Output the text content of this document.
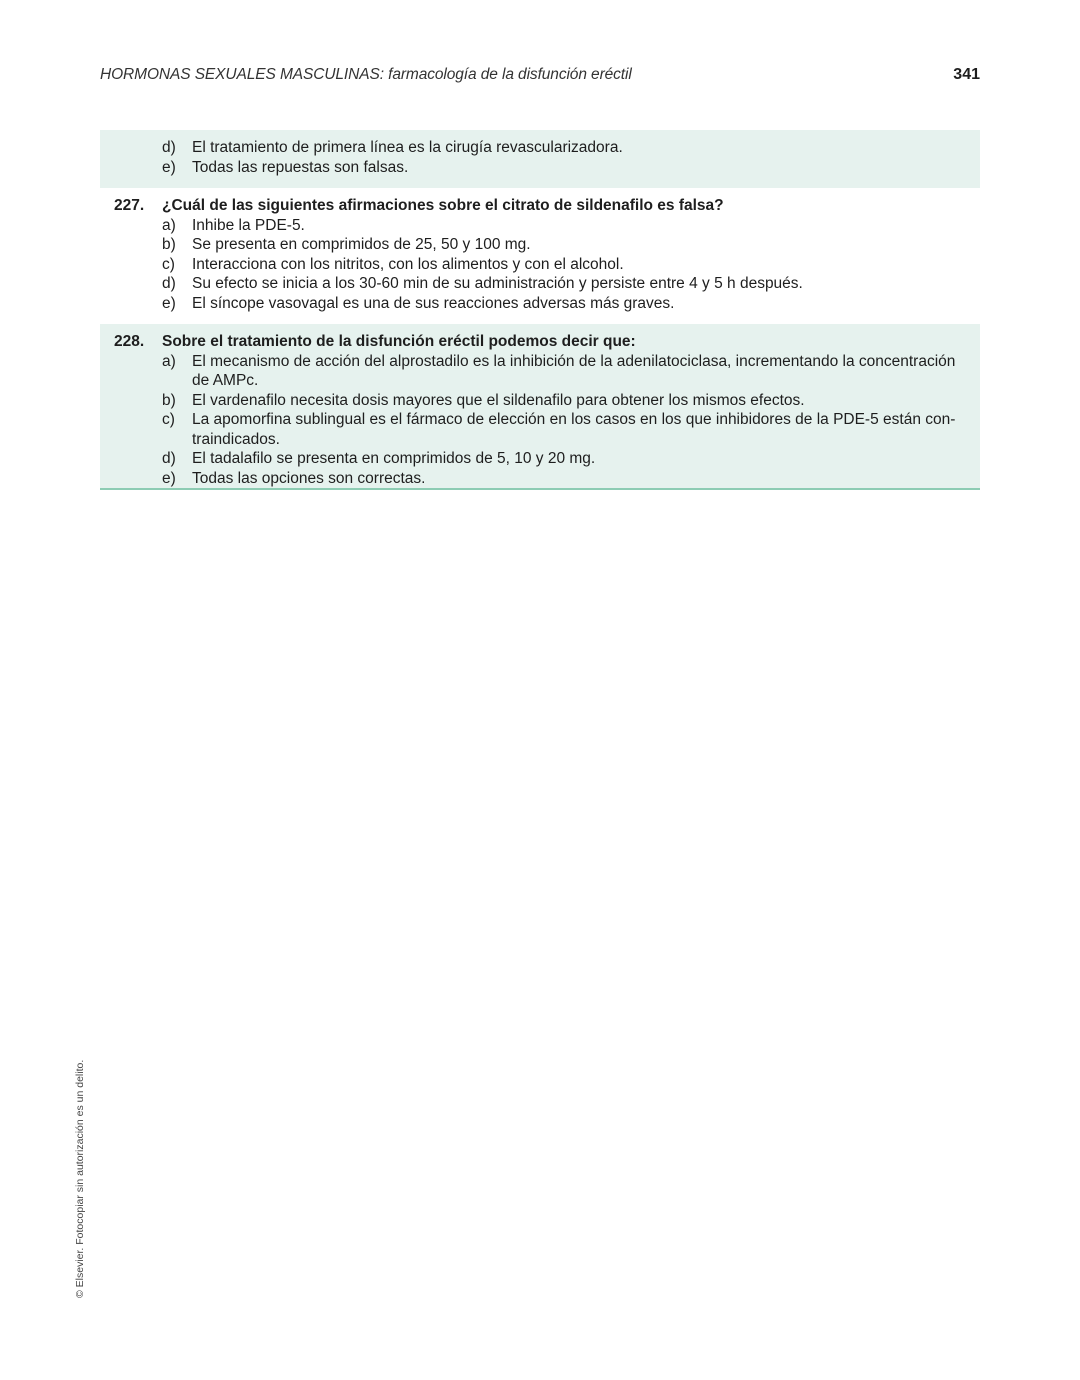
HORMONAS SEXUALES MASCULINAS: farmacología de la disfunción eréctil	341
d)	El tratamiento de primera línea es la cirugía revascularizadora.
e)	Todas las repuestas son falsas.
227.	¿Cuál de las siguientes afirmaciones sobre el citrato de sildenafilo es falsa?
a)	Inhibe la PDE-5.
b)	Se presenta en comprimidos de 25, 50 y 100 mg.
c)	Interacciona con los nitritos, con los alimentos y con el alcohol.
d)	Su efecto se inicia a los 30-60 min de su administración y persiste entre 4 y 5 h después.
e)	El síncope vasovagal es una de sus reacciones adversas más graves.
228.	Sobre el tratamiento de la disfunción eréctil podemos decir que:
a)	El mecanismo de acción del alprostadilo es la inhibición de la adenilatociclasa, incrementando la concentración
de AMPc.
b)	El vardenafilo necesita dosis mayores que el sildenafilo para obtener los mismos efectos.
c)	La apomorfina sublingual es el fármaco de elección en los casos en los que inhibidores de la PDE-5 están con-
traindicados.
d)	El tadalafilo se presenta en comprimidos de 5, 10 y 20 mg.
e)	Todas las opciones son correctas.
© Elsevier. Fotocopiar sin autorización es un delito.
